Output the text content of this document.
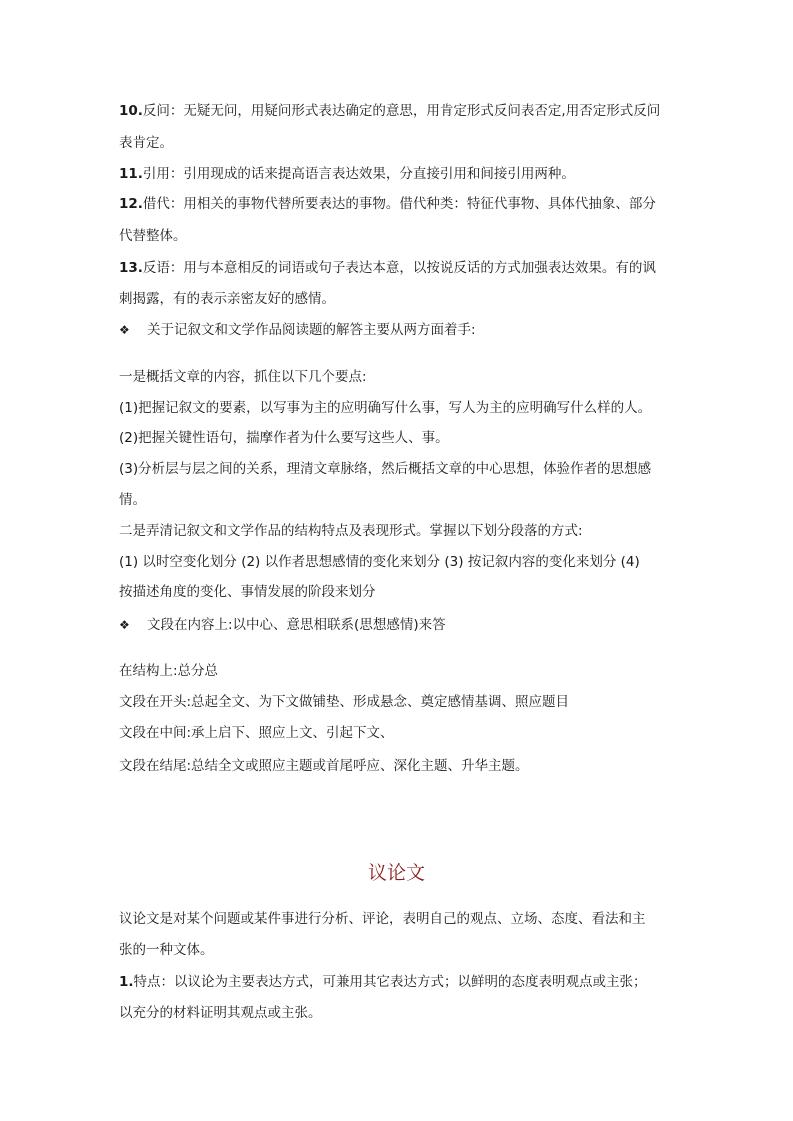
10.反问：无疑无问，用疑问形式表达确定的意思，用肯定形式反问表否定,用否定形式反问
表肯定。
11.引用：引用现成的话来提高语言表达效果，分直接引用和间接引用两种。
12.借代：用相关的事物代替所要表达的事物。借代种类：特征代事物、具体代抽象、部分
代替整体。
13.反语：用与本意相反的词语或句子表达本意，以按说反话的方式加强表达效果。有的讽
刺揭露，有的表示亲密友好的感情。
❖ 关于记叙文和文学作品阅读题的解答主要从两方面着手:
一是概括文章的内容，抓住以下几个要点:
(1)把握记叙文的要素，以写事为主的应明确写什么事，写人为主的应明确写什么样的人。
(2)把握关键性语句，揣摩作者为什么要写这些人、事。
(3)分析层与层之间的关系，理清文章脉络，然后概括文章的中心思想，体验作者的思想感
情。
二是弄清记叙文和文学作品的结构特点及表现形式。掌握以下划分段落的方式:
(1) 以时空变化划分 (2) 以作者思想感情的变化来划分 (3) 按记叙内容的变化来划分 (4)
按描述角度的变化、事情发展的阶段来划分
❖ 文段在内容上:以中心、意思相联系(思想感情)来答
在结构上:总分总
文段在开头:总起全文、为下文做铺垫、形成悬念、奠定感情基调、照应题目
文段在中间:承上启下、照应上文、引起下文、
文段在结尾:总结全文或照应主题或首尾呼应、深化主题、升华主题。
议论文
议论文是对某个问题或某件事进行分析、评论，表明自己的观点、立场、态度、看法和主
张的一种文体。
1.特点：以议论为主要表达方式，可兼用其它表达方式；以鲜明的态度表明观点或主张；
以充分的材料证明其观点或主张。
